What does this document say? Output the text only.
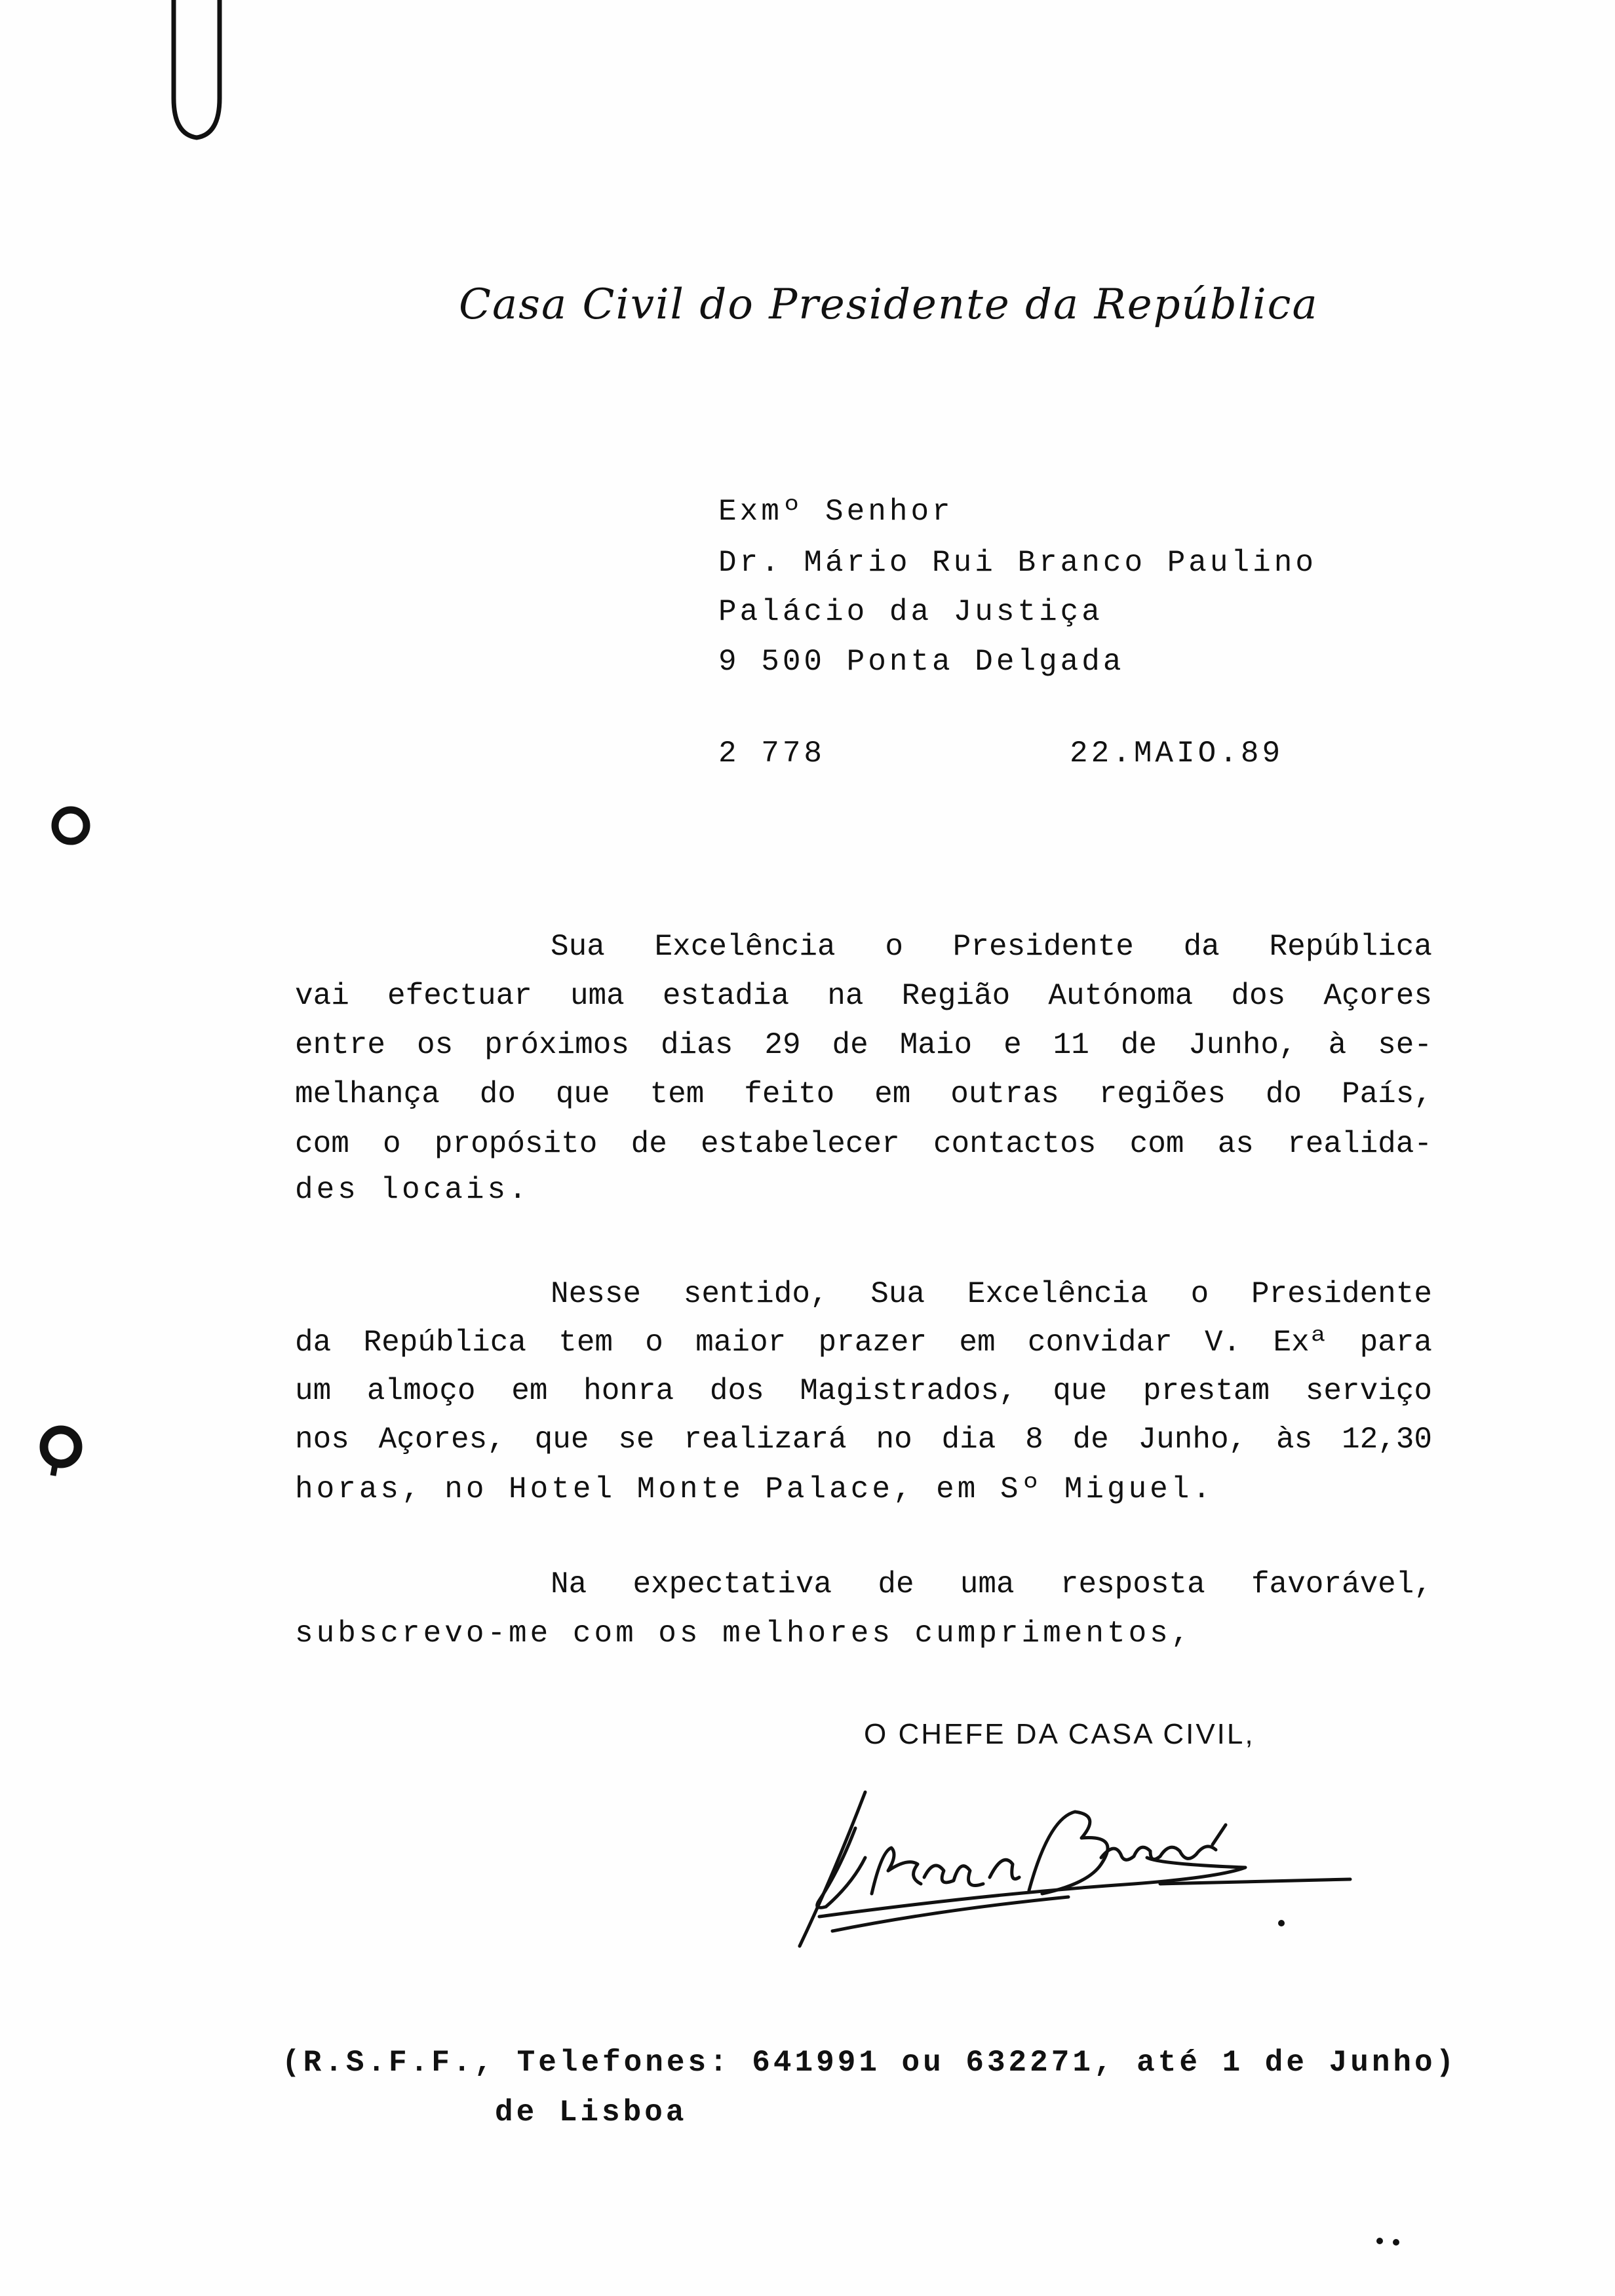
Casa Civil do Presidente da República
Exmº Senhor
Dr. Mário Rui Branco Paulino
Palácio da Justiça
9 500 Ponta Delgada
2 778	22.MAIO.89
Sua Excelência o Presidente da República
vai efectuar uma estadia na Região Autónoma dos Açores
entre os próximos dias 29 de Maio e 11 de Junho, à se-
melhança do que tem feito em outras regiões do País,
com o propósito de estabelecer contactos com as realida-
des locais.
Nesse sentido, Sua Excelência o Presidente
da República tem o maior prazer em convidar V. Exª para
um almoço em honra dos Magistrados, que prestam serviço
nos Açores, que se realizará no dia 8 de Junho, às 12,30
horas, no Hotel Monte Palace, em Sº Miguel.
Na expectativa de uma resposta favorável,
subscrevo-me com os melhores cumprimentos,
O CHEFE DA CASA CIVIL,
(R.S.F.F., Telefones: 641991 ou 632271, até 1 de Junho)
de Lisboa
